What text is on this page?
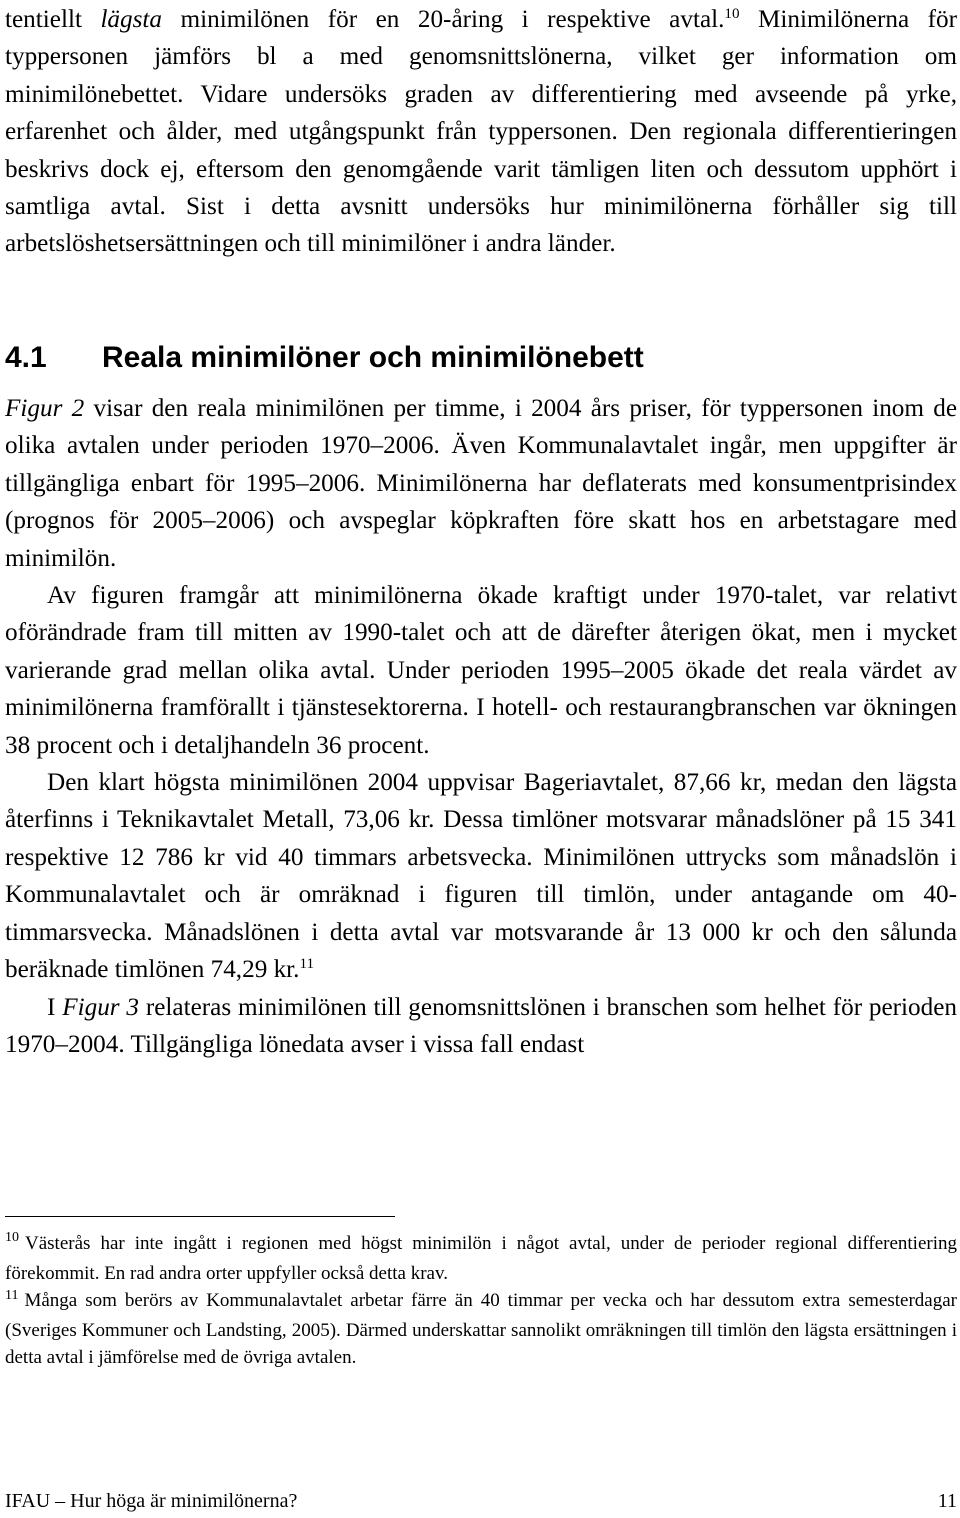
tentiellt lägsta minimilönen för en 20-åring i respektive avtal.$^{10}$ Minimilönerna för typpersonen jämförs bl a med genomsnittslönerna, vilket ger information om minimilönebettet. Vidare undersöks graden av differentiering med avseende på yrke, erfarenhet och ålder, med utgångspunkt från typpersonen. Den regionala differentieringen beskrivs dock ej, eftersom den genomgående varit tämligen liten och dessutom upphört i samtliga avtal. Sist i detta avsnitt undersöks hur minimilönerna förhåller sig till arbetslöshetsersättningen och till minimilöner i andra länder.

4.1 Reala minimilöner och minimilönebett

Figur 2 visar den reala minimilönen per timme, i 2004 års priser, för typpersonen inom de olika avtalen under perioden 1970–2006. Även Kommunalavtalet ingår, men uppgifter är tillgängliga enbart för 1995–2006. Minimilönerna har deflaterats med konsumentprisindex (prognos för 2005–2006) och avspeglar köpkraften före skatt hos en arbetstagare med minimilön.

Av figuren framgår att minimilönerna ökade kraftigt under 1970-talet, var relativt oförändrade fram till mitten av 1990-talet och att de därefter återigen ökat, men i mycket varierande grad mellan olika avtal. Under perioden 1995–2005 ökade det reala värdet av minimilönerna framförallt i tjänstesektorerna. I hotell- och restaurangbranschen var ökningen 38 procent och i detaljhandeln 36 procent.

Den klart högsta minimilönen 2004 uppvisar Bageriavtalet, 87,66 kr, medan den lägsta återfinns i Teknikavtalet Metall, 73,06 kr. Dessa timlöner motsvarar månadslöner på 15 341 respektive 12 786 kr vid 40 timmars arbetsvecka. Minimilönen uttrycks som månadslön i Kommunalavtalet och är omräknad i figuren till timlön, under antagande om 40-timmarsvecka. Månadslönen i detta avtal var motsvarande år 13 000 kr och den sålunda beräknade timlönen 74,29 kr.$^{11}$

I Figur 3 relateras minimilönen till genomsnittslönen i branschen som helhet för perioden 1970–2004. Tillgängliga lönedata avser i vissa fall endast

$^{10}$ Västerås har inte ingått i regionen med högst minimilön i något avtal, under de perioder regional differentiering förekommit. En rad andra orter uppfyller också detta krav.

$^{11}$ Många som berörs av Kommunalavtalet arbetar färre än 40 timmar per vecka och har dessutom extra semesterdagar (Sveriges Kommuner och Landsting, 2005). Därmed underskattar sannolikt omräkningen till timlön den lägsta ersättningen i detta avtal i jämförelse med de övriga avtalen.

IFAU – Hur höga är minimilönerna?	11
